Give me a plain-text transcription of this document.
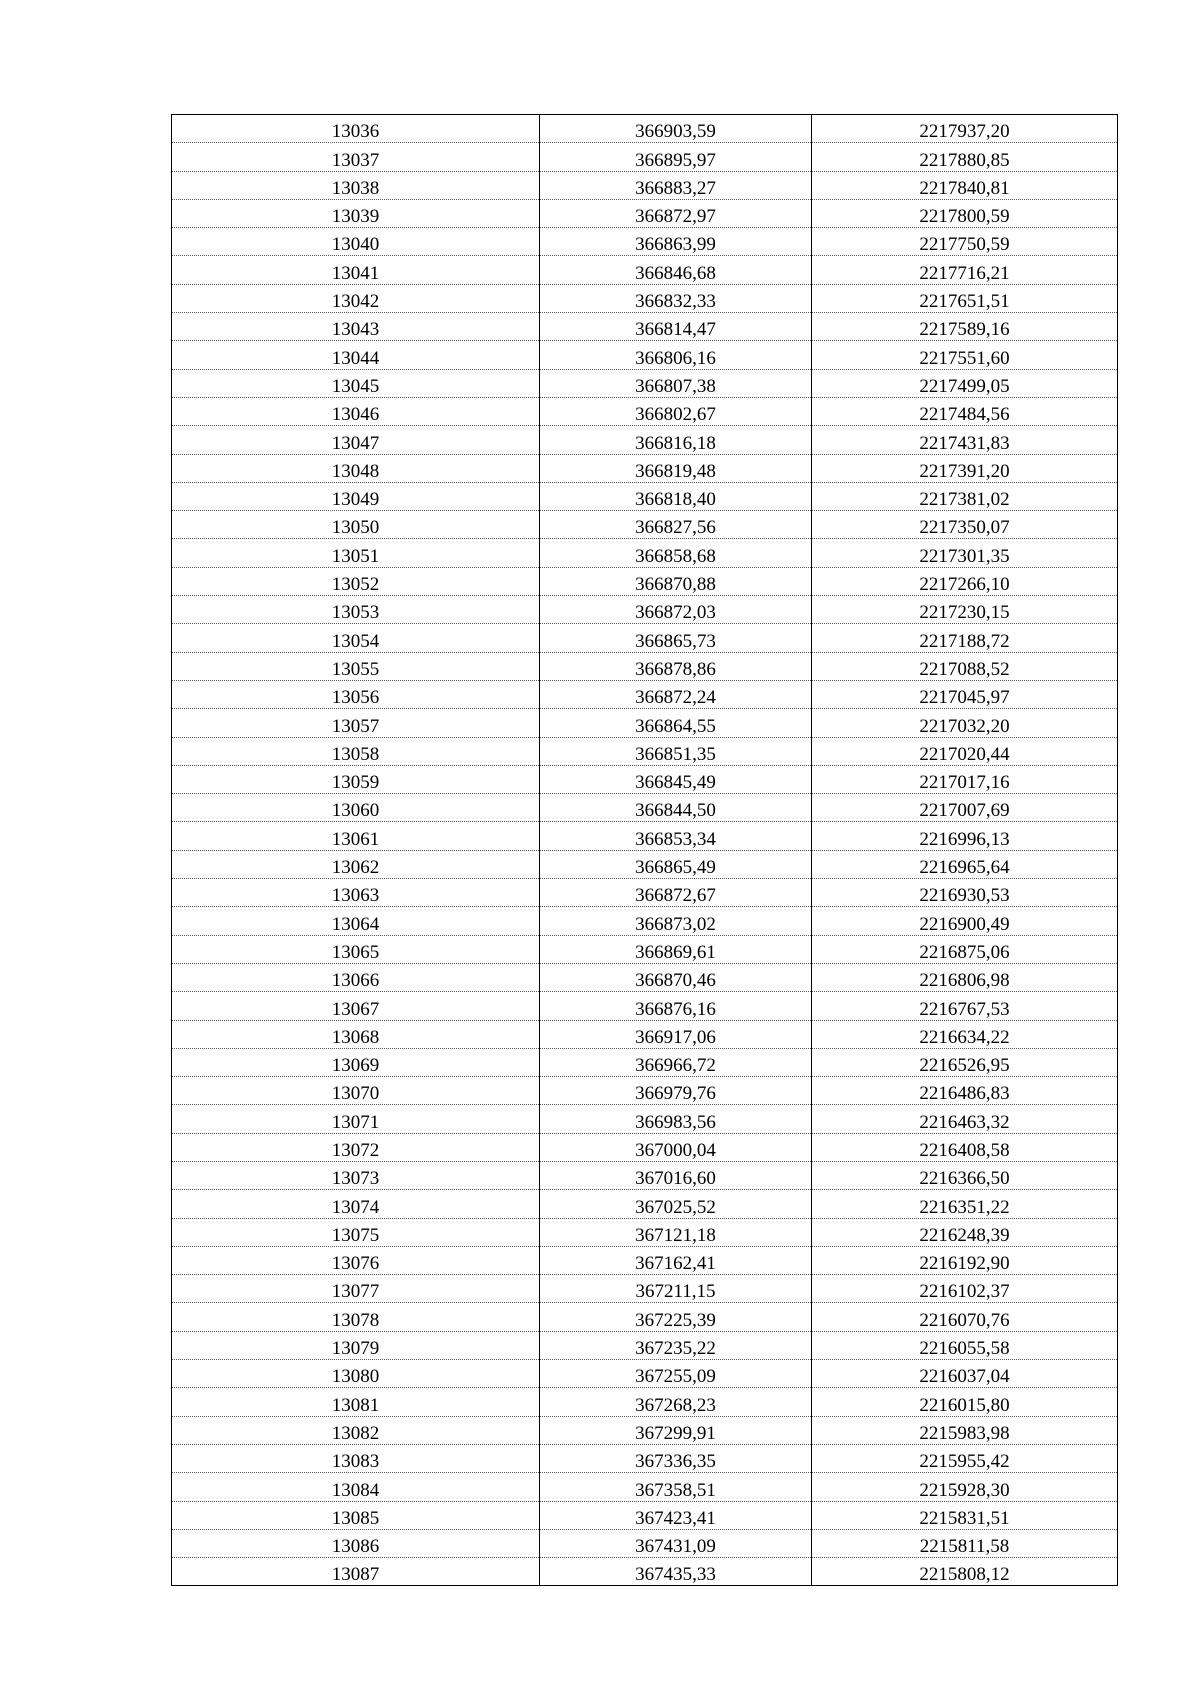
13036	366903,59	2217937,20
13037	366895,97	2217880,85
13038	366883,27	2217840,81
13039	366872,97	2217800,59
13040	366863,99	2217750,59
13041	366846,68	2217716,21
13042	366832,33	2217651,51
13043	366814,47	2217589,16
13044	366806,16	2217551,60
13045	366807,38	2217499,05
13046	366802,67	2217484,56
13047	366816,18	2217431,83
13048	366819,48	2217391,20
13049	366818,40	2217381,02
13050	366827,56	2217350,07
13051	366858,68	2217301,35
13052	366870,88	2217266,10
13053	366872,03	2217230,15
13054	366865,73	2217188,72
13055	366878,86	2217088,52
13056	366872,24	2217045,97
13057	366864,55	2217032,20
13058	366851,35	2217020,44
13059	366845,49	2217017,16
13060	366844,50	2217007,69
13061	366853,34	2216996,13
13062	366865,49	2216965,64
13063	366872,67	2216930,53
13064	366873,02	2216900,49
13065	366869,61	2216875,06
13066	366870,46	2216806,98
13067	366876,16	2216767,53
13068	366917,06	2216634,22
13069	366966,72	2216526,95
13070	366979,76	2216486,83
13071	366983,56	2216463,32
13072	367000,04	2216408,58
13073	367016,60	2216366,50
13074	367025,52	2216351,22
13075	367121,18	2216248,39
13076	367162,41	2216192,90
13077	367211,15	2216102,37
13078	367225,39	2216070,76
13079	367235,22	2216055,58
13080	367255,09	2216037,04
13081	367268,23	2216015,80
13082	367299,91	2215983,98
13083	367336,35	2215955,42
13084	367358,51	2215928,30
13085	367423,41	2215831,51
13086	367431,09	2215811,58
13087	367435,33	2215808,12
